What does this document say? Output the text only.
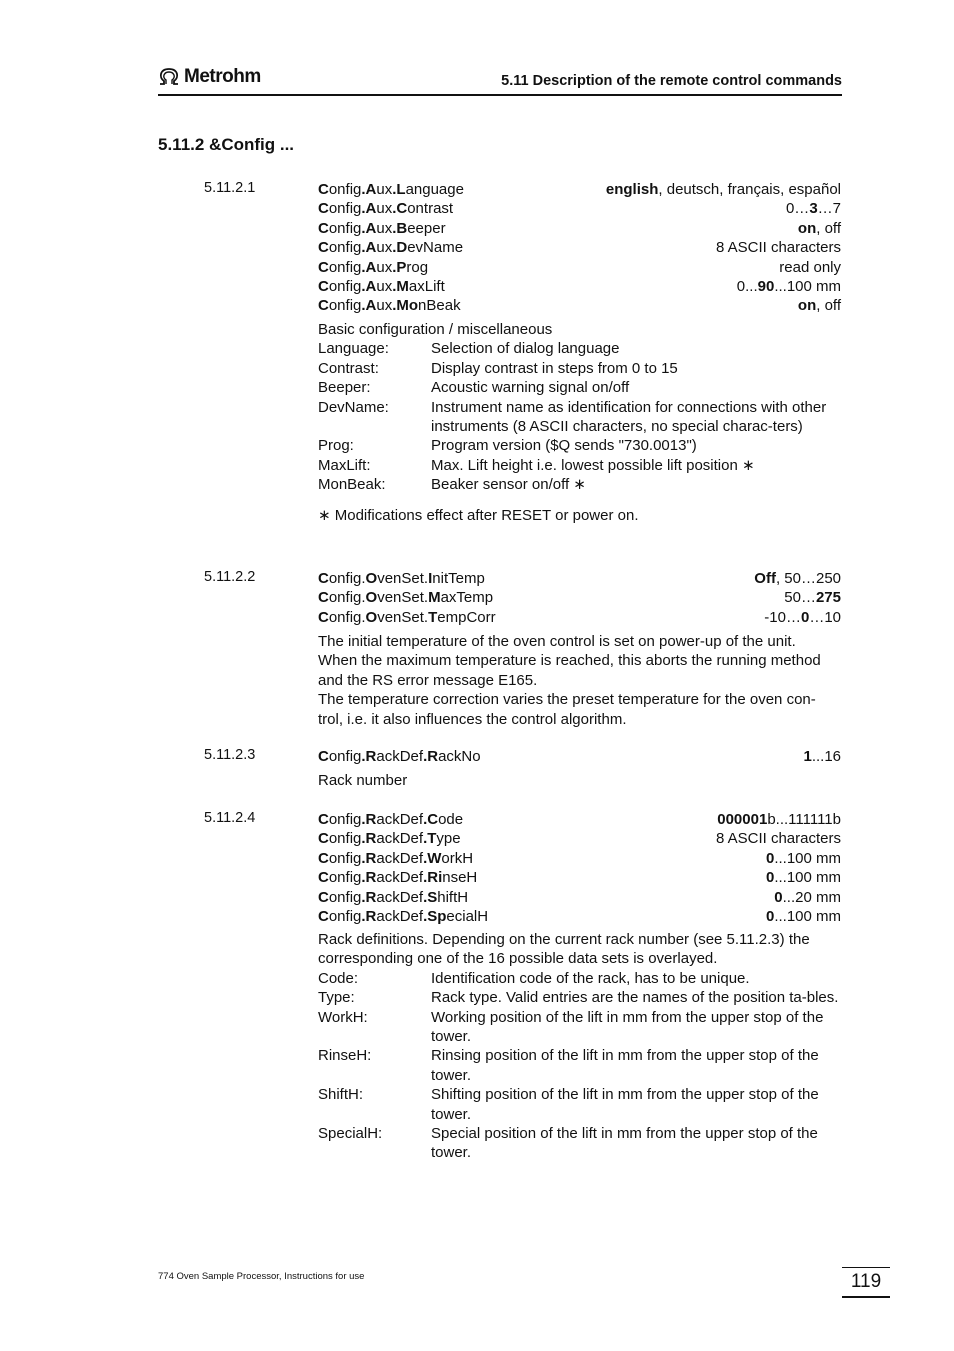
Metrohm	5.11 Description of the remote control commands
5.11.2 &Config ...
5.11.2.1	Config.Aux.Language	english, deutsch, français, español
Config.Aux.Contrast	0…3…7
Config.Aux.Beeper	on, off
Config.Aux.DevName	8 ASCII characters
Config.Aux.Prog	read only
Config.Aux.MaxLift	0...90...100 mm
Config.Aux.MonBeak	on, off
Basic configuration / miscellaneous
Language:	Selection of dialog language
Contrast:	Display contrast in steps from 0 to 15
Beeper:	Acoustic warning signal on/off
DevName:	Instrument name as identification for connections with other instruments (8 ASCII characters, no special charac-ters)
Prog:	Program version ($Q sends "730.0013")
MaxLift:	Max. Lift height i.e. lowest possible lift position ∗
MonBeak:	Beaker sensor on/off ∗
∗ Modifications effect after RESET or power on.
5.11.2.2	Config.OvenSet.InitTemp	Off, 50…250
Config.OvenSet.MaxTemp	50…275
Config.OvenSet.TempCorr	-10…0…10
The initial temperature of the oven control is set on power-up of the unit.
When the maximum temperature is reached, this aborts the running method
and the RS error message E165.
The temperature correction varies the preset temperature for the oven con-
trol, i.e. it also influences the control algorithm.
5.11.2.3	Config.RackDef.RackNo	1...16
Rack number
5.11.2.4	Config.RackDef.Code	000001b...111111b
Config.RackDef.Type	8 ASCII characters
Config.RackDef.WorkH	0...100 mm
Config.RackDef.RinseH	0...100 mm
Config.RackDef.ShiftH	0...20 mm
Config.RackDef.SpecialH	0...100 mm
Rack definitions. Depending on the current rack number (see 5.11.2.3) the
corresponding one of the 16 possible data sets is overlayed.
Code:	Identification code of the rack, has to be unique.
Type:	Rack type. Valid entries are the names of the position ta-bles.
WorkH:	Working position of the lift in mm from the upper stop of the tower.
RinseH:	Rinsing position of the lift in mm from the upper stop of the tower.
ShiftH:	Shifting position of the lift in mm from the upper stop of the tower.
SpecialH:	Special position of the lift in mm from the upper stop of the tower.
774 Oven Sample Processor, Instructions for use	119
